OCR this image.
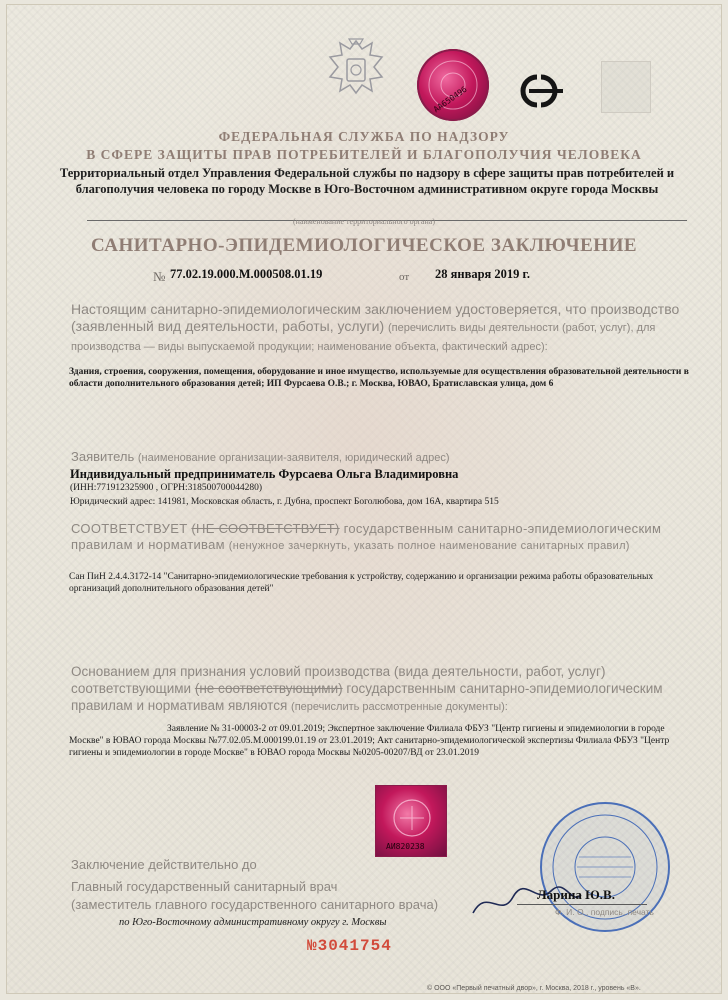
AA650496
ФЕДЕРАЛЬНАЯ СЛУЖБА ПО НАДЗОРУ
В СФЕРЕ ЗАЩИТЫ ПРАВ ПОТРЕБИТЕЛЕЙ И БЛАГОПОЛУЧИЯ ЧЕЛОВЕКА
Территориальный отдел Управления Федеральной службы по надзору в сфере защиты прав потребителей и благополучия человека по городу Москве в Юго-Восточном административном округе города Москвы
(наименование территориального органа)
САНИТАРНО-ЭПИДЕМИОЛОГИЧЕСКОЕ ЗАКЛЮЧЕНИЕ
№ 77.02.19.000.М.000508.01.19	от 28 января 2019 г.
Настоящим санитарно-эпидемиологическим заключением удостоверяется, что производство (заявленный вид деятельности, работы, услуги) (перечислить виды деятельности (работ, услуг), для производства — виды выпускаемой продукции; наименование объекта, фактический адрес):
Здания, строения, сооружения, помещения, оборудование и иное имущество, используемые для осуществления образовательной деятельности в области дополнительного образования детей; ИП Фурсаева О.В.; г. Москва, ЮВАО, Братиславская улица, дом 6
Заявитель (наименование организации-заявителя, юридический адрес)
Индивидуальный предприниматель Фурсаева Ольга Владимировна
(ИНН:771912325900 , ОГРН:318500700044280)
Юридический адрес: 141981, Московская область, г. Дубна, проспект Боголюбова, дом 16А, квартира 515
СООТВЕТСТВУЕТ (НЕ СООТВЕТСТВУЕТ) государственным санитарно-эпидемиологическим правилам и нормативам (ненужное зачеркнуть, указать полное наименование санитарных правил)
Сан ПиН 2.4.4.3172-14 "Санитарно-эпидемиологические требования к устройству, содержанию и организации режима работы образовательных организаций дополнительного образования детей"
Основанием для признания условий производства (вида деятельности, работ, услуг) соответствующими (не соответствующими) государственным санитарно-эпидемиологическим правилам и нормативам являются (перечислить рассмотренные документы):
Заявление № 31-00003-2 от 09.01.2019; Экспертное заключение Филиала ФБУЗ "Центр гигиены и эпидемиологии в городе Москве" в ЮВАО города Москвы №77.02.05.М.000199.01.19 от 23.01.2019; Акт санитарно-эпидемиологической экспертизы Филиала ФБУЗ "Центр гигиены и эпидемиологии в городе Москве" в ЮВАО города Москвы №0205-00207/ВД от 23.01.2019
АИ820238
Заключение действительно до
Главный государственный санитарный врач
(заместитель главного государственного санитарного врача)
по Юго-Восточному административному округу г. Москвы
Ларина Ю.В.
Ф. И. О., подпись, печать
№3041754
© ООО «Первый печатный двор», г. Москва, 2018 г., уровень «В».
